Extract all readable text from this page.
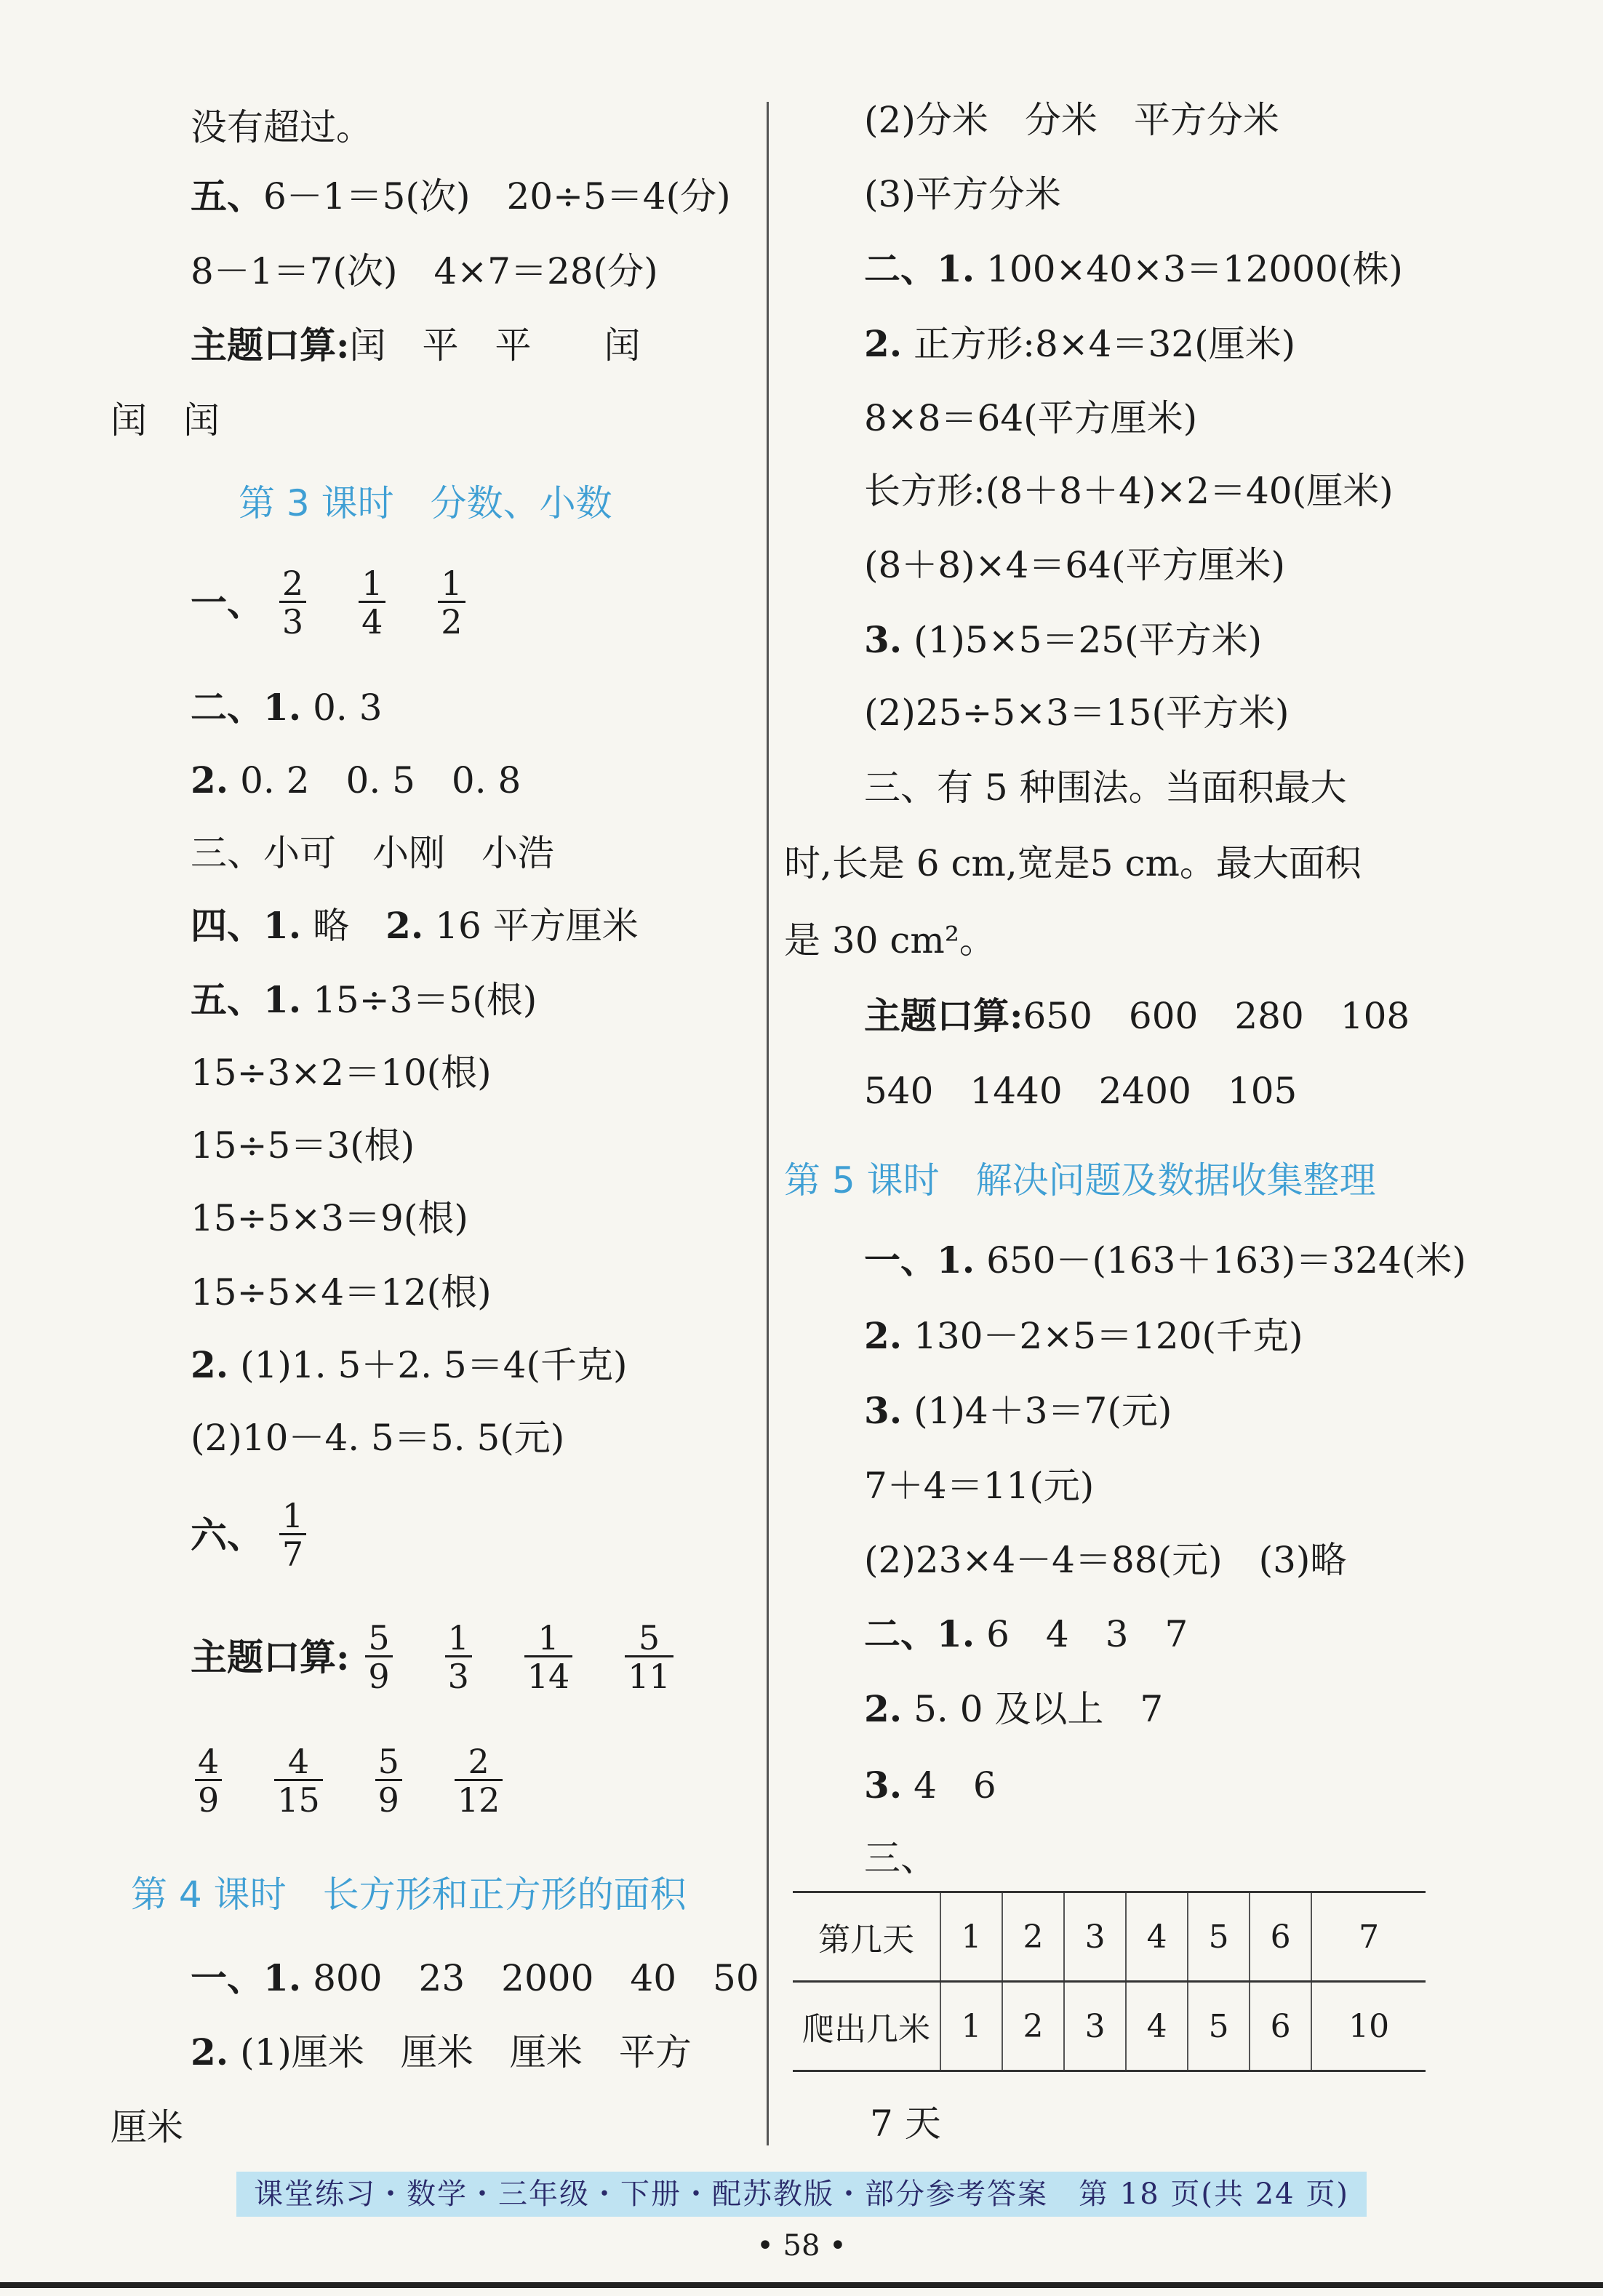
没有超过。
五、6－1＝5(次)　20÷5＝4(分)
8－1＝7(次)　4×7＝28(分)
主题口算:闰　平　平　　闰
闰　闰
第 3 课时　分数、小数
一、 $\frac{2}{3}$
$\frac{1}{4}$
$\frac{1}{2}$
二、1. 0. 3
2. 0. 2　0. 5　0. 8
三、小可　小刚　小浩
四、1. 略　2. 16 平方厘米
五、1. 15÷3＝5(根)
15÷3×2＝10(根)
15÷5＝3(根)
15÷5×3＝9(根)
15÷5×4＝12(根)
2. (1)1. 5＋2. 5＝4(千克)
(2)10－4. 5＝5. 5(元)
六、 $\frac{1}{7}$
主题口算: $\frac{5}{9}$
$\frac{1}{3}$
$\frac{1}{14}$
$\frac{5}{11}$
$\frac{4}{9}$
$\frac{4}{15}$
$\frac{5}{9}$
$\frac{2}{12}$
第 4 课时　长方形和正方形的面积
一、1. 800　23　2000　40　50
2. (1)厘米　厘米　厘米　平方
厘米
(2)分米　分米　平方分米
(3)平方分米
二、1. 100×40×3＝12000(株)
2. 正方形:8×4＝32(厘米)
8×8＝64(平方厘米)
长方形:(8＋8＋4)×2＝40(厘米)
(8＋8)×4＝64(平方厘米)
3. (1)5×5＝25(平方米)
(2)25÷5×3＝15(平方米)
三、有 5 种围法。当面积最大
时,长是 6 cm,宽是5 cm。最大面积
是 30 cm²。
主题口算:650　600　280　108
540　1440　2400　105
第 5 课时　解决问题及数据收集整理
一、1. 650－(163＋163)＝324(米)
2. 130－2×5＝120(千克)
3. (1)4＋3＝7(元)
7＋4＝11(元)
(2)23×4－4＝88(元)　(3)略
二、1. 6　4　3　7
2. 5. 0 及以上　7
3. 4　6
三、
第几天	1	2	3	4	5	6	7
爬出几米	1	2	3	4	5	6	10
7 天
课堂练习・数学・三年级・下册・配苏教版・部分参考答案　第 18 页(共 24 页)
• 58 •
